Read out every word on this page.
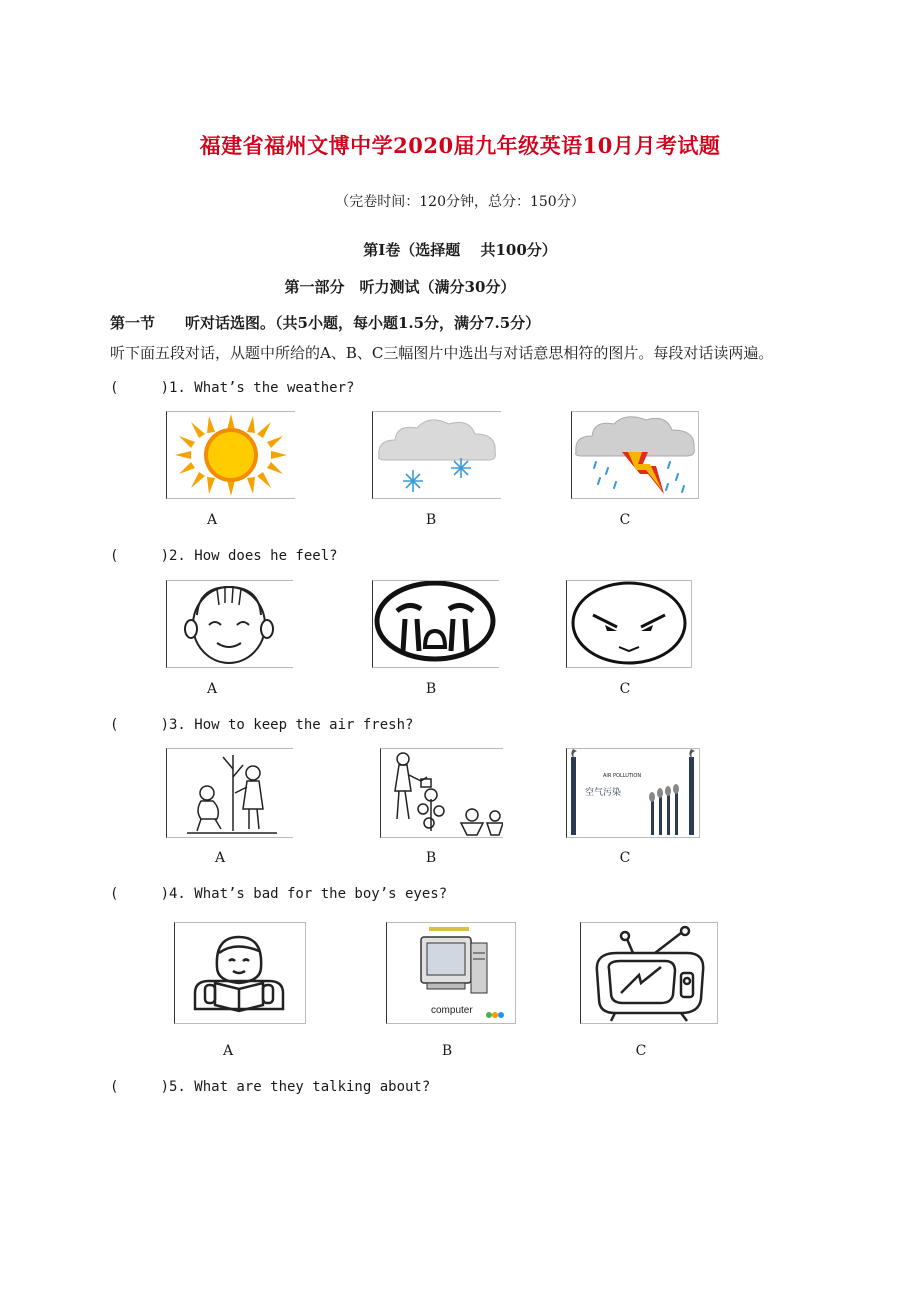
福建省福州文博中学2020届九年级英语10月月考试题
（完卷时间：120分钟，总分：150分）
第Ⅰ卷（选择题　 共100分）
第一部分　听力测试（满分30分）
第一节　　听对话选图。（共5小题，每小题1.5分，满分7.5分）
听下面五段对话，从题中所给的A、B、C三幅图片中选出与对话意思相符的图片。每段对话读两遍。
(     )1. What’s the weather?
A	B	C
(     )2. How does he feel?
A	B	C
(     )3. How to keep the air fresh?
A	B
AIR POLLUTION
空气污染
C
(     )4. What’s bad for the boy’s eyes?
A
computer
B	C
(     )5. What are they talking about?
